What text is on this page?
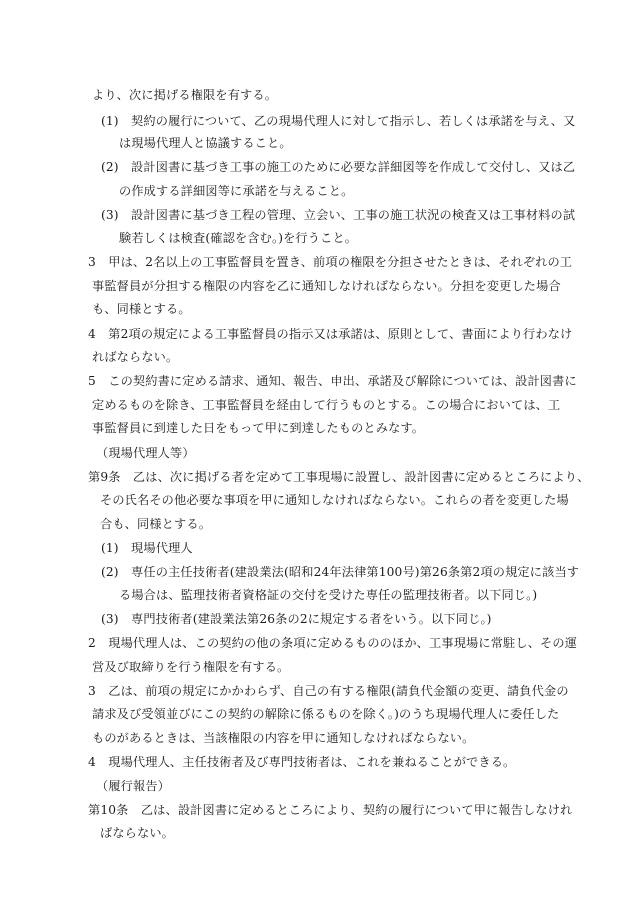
より、次に掲げる権限を有する。
(1)　契約の履行について、乙の現場代理人に対して指示し、若しくは承諾を与え、又
は現場代理人と協議すること。
(2)　設計図書に基づき工事の施工のために必要な詳細図等を作成して交付し、又は乙
の作成する詳細図等に承諾を与えること。
(3)　設計図書に基づき工程の管理、立会い、工事の施工状況の検査又は工事材料の試
験若しくは検査(確認を含む。)を行うこと。
3　甲は、2名以上の工事監督員を置き、前項の権限を分担させたときは、それぞれの工
事監督員が分担する権限の内容を乙に通知しなければならない。分担を変更した場合
も、同様とする。
4　第2項の規定による工事監督員の指示又は承諾は、原則として、書面により行わなけ
ればならない。
5　この契約書に定める請求、通知、報告、申出、承諾及び解除については、設計図書に
定めるものを除き、工事監督員を経由して行うものとする。この場合においては、工
事監督員に到達した日をもって甲に到達したものとみなす。
（現場代理人等）
第9条　乙は、次に掲げる者を定めて工事現場に設置し、設計図書に定めるところにより、
その氏名その他必要な事項を甲に通知しなければならない。これらの者を変更した場
合も、同様とする。
(1)　現場代理人
(2)　専任の主任技術者(建設業法(昭和24年法律第100号)第26条第2項の規定に該当す
る場合は、監理技術者資格証の交付を受けた専任の監理技術者。以下同じ。)
(3)　専門技術者(建設業法第26条の2に規定する者をいう。以下同じ。)
2　現場代理人は、この契約の他の条項に定めるもののほか、工事現場に常駐し、その運
営及び取締りを行う権限を有する。
3　乙は、前項の規定にかかわらず、自己の有する権限(請負代金額の変更、請負代金の
請求及び受領並びにこの契約の解除に係るものを除く。)のうち現場代理人に委任した
ものがあるときは、当該権限の内容を甲に通知しなければならない。
4　現場代理人、主任技術者及び専門技術者は、これを兼ねることができる。
（履行報告）
第10条　乙は、設計図書に定めるところにより、契約の履行について甲に報告しなけれ
ばならない。
